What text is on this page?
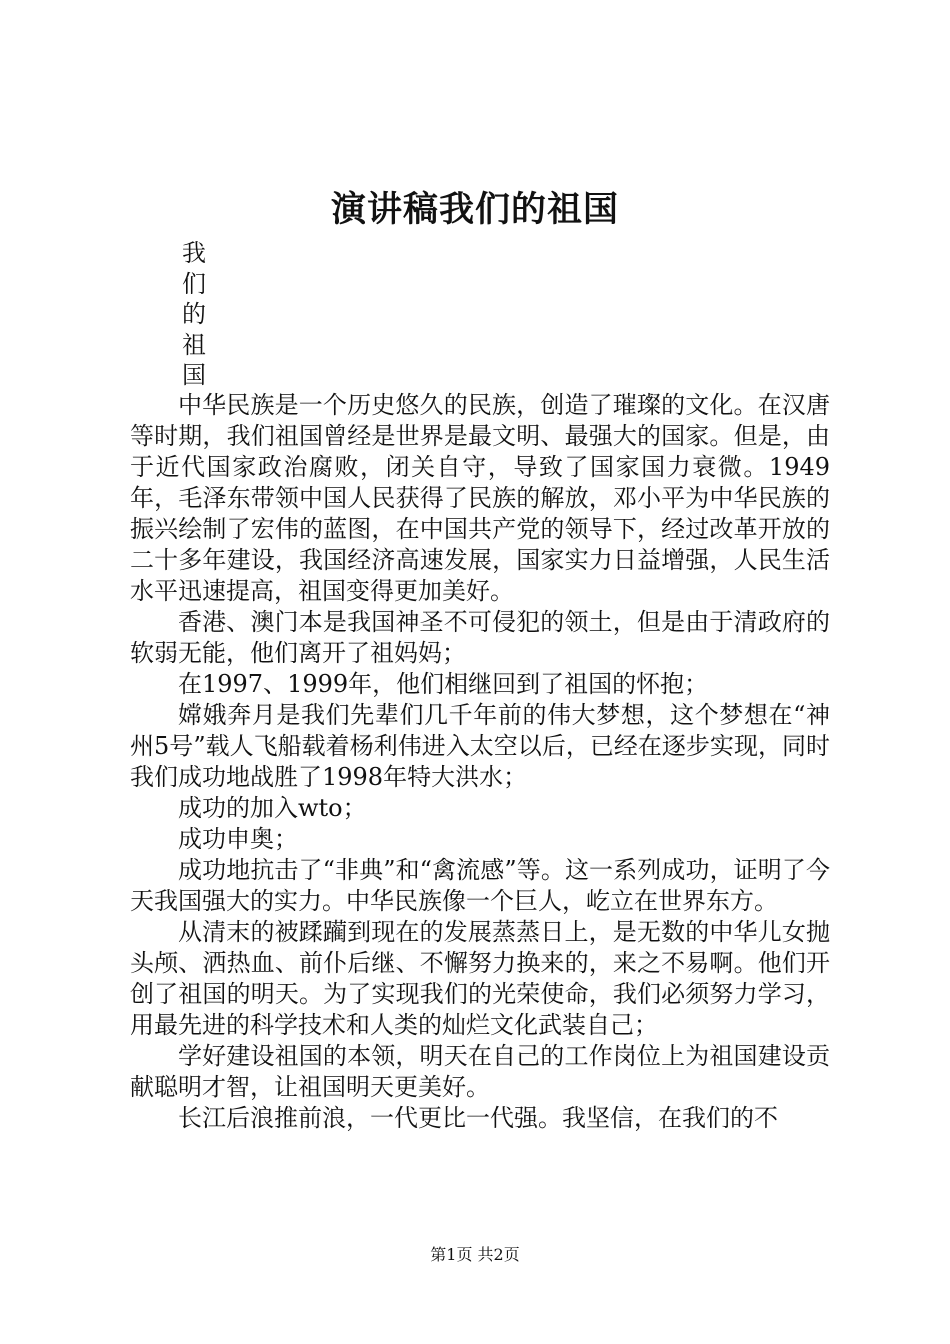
演讲稿我们的祖国
我
们
的
祖
国

中华民族是一个历史悠久的民族，创造了璀璨的文化。在汉唐等时期，我们祖国曾经是世界是最文明、最强大的国家。但是，由于近代国家政治腐败，闭关自守，导致了国家国力衰微。1949年，毛泽东带领中国人民获得了民族的解放，邓小平为中华民族的振兴绘制了宏伟的蓝图，在中国共产党的领导下，经过改革开放的二十多年建设，我国经济高速发展，国家实力日益增强，人民生活水平迅速提高，祖国变得更加美好。

香港、澳门本是我国神圣不可侵犯的领土，但是由于清政府的软弱无能，他们离开了祖妈妈；

在1997、1999年，他们相继回到了祖国的怀抱；

嫦娥奔月是我们先辈们几千年前的伟大梦想，这个梦想在“神州5号”载人飞船载着杨利伟进入太空以后，已经在逐步实现，同时我们成功地战胜了1998年特大洪水；

成功的加入wto；

成功申奥；

成功地抗击了“非典”和“禽流感”等。这一系列成功，证明了今天我国强大的实力。中华民族像一个巨人，屹立在世界东方。

从清末的被蹂躏到现在的发展蒸蒸日上，是无数的中华儿女抛头颅、洒热血、前仆后继、不懈努力换来的，来之不易啊。他们开创了祖国的明天。为了实现我们的光荣使命，我们必须努力学习，用最先进的科学技术和人类的灿烂文化武装自己；

学好建设祖国的本领，明天在自己的工作岗位上为祖国建设贡献聪明才智，让祖国明天更美好。

长江后浪推前浪，一代更比一代强。我坚信，在我们的不

第1页 共2页
